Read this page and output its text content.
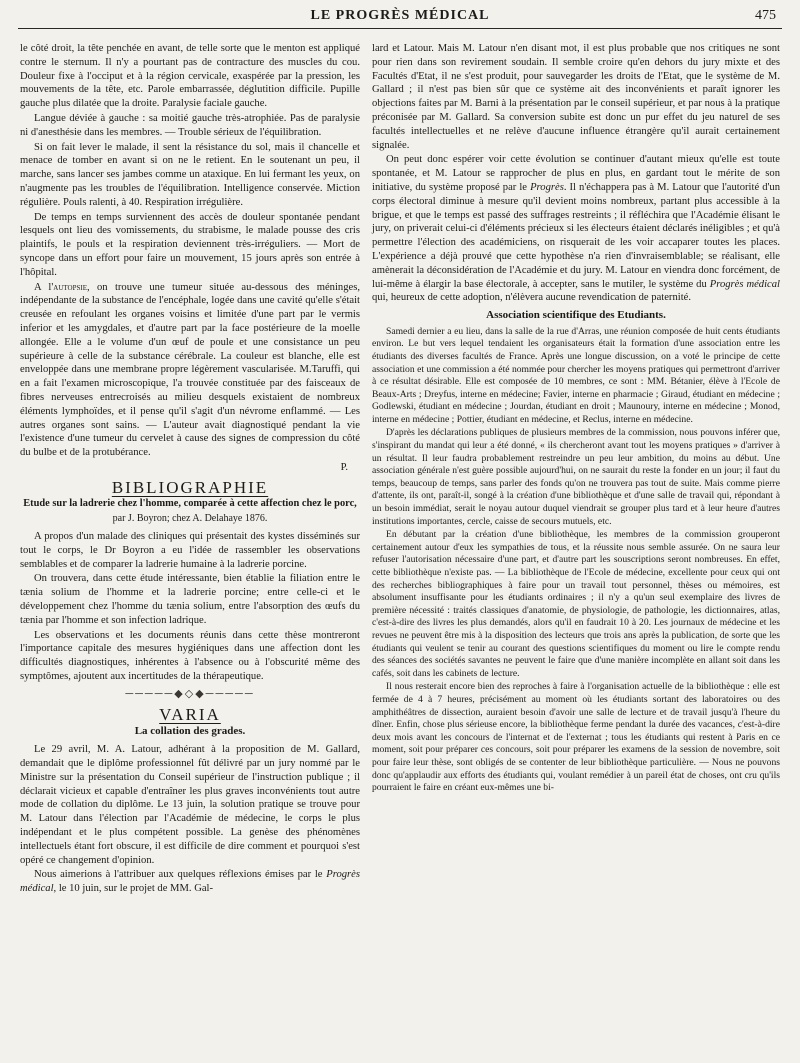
LE PROGRÈS MÉDICAL	475

le côté droit, la tête penchée en avant, de telle sorte que le menton est appliqué contre le sternum. Il n'y a pourtant pas de contracture des muscles du cou. Douleur fixe à l'occiput et à la région cervicale, exaspérée par la pression, les mouvements de la tête, etc. Parole embarrassée, déglutition difficile. Pupille gauche plus dilatée que la droite. Paralysie faciale gauche.

Langue déviée à gauche : sa moitié gauche très-atrophiée. Pas de paralysie ni d'anesthésie dans les membres. — Trouble sérieux de l'équilibration.

Si on fait lever le malade, il sent la résistance du sol, mais il chancelle et menace de tomber en avant si on ne le retient. En le soutenant un peu, il marche, sans lancer ses jambes comme un ataxique. En lui fermant les yeux, on n'augmente pas les troubles de l'équilibration. Intelligence conservée. Miction régulière. Pouls ralenti, à 40. Respiration irrégulière.

De temps en temps surviennent des accès de douleur spontanée pendant lesquels ont lieu des vomissements, du strabisme, le malade pousse des cris plaintifs, le pouls et la respiration deviennent très-irréguliers. — Mort de syncope dans un effort pour faire un mouvement, 15 jours après son entrée à l'hôpital.

A l'autopsie, on trouve une tumeur située au-dessous des méninges, indépendante de la substance de l'encéphale, logée dans une cavité qu'elle s'était creusée en refoulant les organes voisins et limitée d'une part par le vermis inferior et les amygdales, et d'autre part par la face postérieure de la moelle allongée. Elle a le volume d'un œuf de poule et une consistance un peu supérieure à celle de la substance cérébrale. La couleur est blanche, elle est enveloppée dans une membrane propre légèrement vascularisée. M.Taruffi, qui en a fait l'examen microscopique, l'a trouvée constituée par des faisceaux de fibres nerveuses entrecroisés au milieu desquels existaient de nombreux éléments lymphoïdes, et il pense qu'il s'agit d'un névrome enflammé. — Les autres organes sont sains. — L'auteur avait diagnostiqué pendant la vie l'existence d'une tumeur du cervelet à cause des signes de compression du côté du bulbe et de la protubérance.

P.

BIBLIOGRAPHIE
Etude sur la ladrerie chez l'homme, comparée à cette affection chez le porc,
par J. Boyron; chez A. Delahaye 1876.

A propos d'un malade des cliniques qui présentait des kystes disséminés sur tout le corps, le Dr Boyron a eu l'idée de rassembler les observations semblables et de comparer la ladrerie humaine à la ladrerie porcine.

On trouvera, dans cette étude intéressante, bien établie la filiation entre le tænia solium de l'homme et la ladrerie porcine; entre celle-ci et le développement chez l'homme du tænia solium, entre l'absorption des œufs du tænia par l'homme et son infection ladrique.

Les observations et les documents réunis dans cette thèse montreront l'importance capitale des mesures hygiéniques dans une affection dont les difficultés diagnostiques, inhérentes à l'absence ou à l'obscurité même des symptômes, ajoutent aux incertitudes de la thérapeutique.

─────◆◇◆─────
VARIA
La collation des grades.

Le 29 avril, M. A. Latour, adhérant à la proposition de M. Gallard, demandait que le diplôme professionnel fût délivré par un jury nommé par le Ministre sur la présentation du Conseil supérieur de l'instruction publique ; il déclarait vicieux et capable d'entraîner les plus graves inconvénients tout autre mode de collation du diplôme. Le 13 juin, la solution pratique se trouve pour M. Latour dans l'élection par l'Académie de médecine, le corps le plus indépendant et le plus compétent possible. La genèse des phénomènes intellectuels étant fort obscure, il est difficile de dire comment et pourquoi s'est opéré ce changement d'opinion.

Nous aimerions à l'attribuer aux quelques réflexions émises par le Progrès médical, le 10 juin, sur le projet de MM. Gal-

lard et Latour. Mais M. Latour n'en disant mot, il est plus probable que nos critiques ne sont pour rien dans son revirement soudain. Il semble croire qu'en dehors du jury mixte et des Facultés d'Etat, il ne s'est produit, pour sauvegarder les droits de l'Etat, que le système de M. Gallard ; il n'est pas bien sûr que ce système ait des inconvénients et paraît ignorer les objections faites par M. Barni à la présentation par le conseil supérieur, et par nous à la pratique préconisée par M. Gallard. Sa conversion subite est donc un pur effet du jeu naturel de ses facultés intellectuelles et ne relève d'aucune influence étrangère qu'il aurait certainement signalée.

On peut donc espérer voir cette évolution se continuer d'autant mieux qu'elle est toute spontanée, et M. Latour se rapprocher de plus en plus, en gardant tout le mérite de son initiative, du système proposé par le Progrès. Il n'échappera pas à M. Latour que l'autorité d'un corps électoral diminue à mesure qu'il devient moins nombreux, partant plus accessible à la brigue, et que le temps est passé des suffrages restreints ; il réfléchira que l'Académie élisant le jury, on priverait celui-ci d'éléments précieux si les électeurs étaient déclarés inéligibles ; et qu'à permettre l'élection des académiciens, on risquerait de les voir accaparer toutes les places. L'expérience a déjà prouvé que cette hypothèse n'a rien d'invraisemblable; se réalisant, elle amènerait la déconsidération de l'Académie et du jury. M. Latour en viendra donc forcément, de lui-même à élargir la base électorale, à accepter, sans le mutiler, le système du Progrès médical qui, heureux de cette adoption, n'élèvera aucune revendication de paternité.

Association scientifique des Etudiants.

Samedi dernier a eu lieu, dans la salle de la rue d'Arras, une réunion composée de huit cents étudiants environ. Le but vers lequel tendaient les organisateurs était la formation d'une association entre les étudiants des diverses facultés de France. Après une longue discussion, on a voté le principe de cette association et une commission a été nommée pour chercher les moyens pratiques qui permettront d'arriver à ce résultat désirable. Elle est composée de 10 membres, ce sont : MM. Bétanier, élève à l'Ecole de Beaux-Arts ; Dreyfus, interne en médecine; Favier, interne en pharmacie ; Giraud, étudiant en médecine ; Godlewski, étudiant en médecine ; Jourdan, étudiant en droit ; Maunoury, interne en médecine ; Monod, interne en médecine ; Pottier, étudiant en médecine, et Reclus, interne en médecine.

D'après les déclarations publiques de plusieurs membres de la commission, nous pouvons inférer que, s'inspirant du mandat qui leur a été donné, « ils chercheront avant tout les moyens pratiques » d'arriver à un résultat. Il leur faudra probablement restreindre un peu leur ambition, du moins au début. Une association générale n'est guère possible aujourd'hui, on ne saurait du reste la fonder en un jour; il faut du temps, beaucoup de temps, sans parler des fonds qu'on ne trouvera pas tout de suite. Mais comme pierre d'attente, ils ont, paraît-il, songé à la création d'une bibliothèque et d'une salle de travail qui, répondant à un besoin immédiat, serait le noyau autour duquel viendrait se grouper plus tard et à leur heure d'autres institutions importantes, cercle, caisse de secours mutuels, etc.

En débutant par la création d'une bibliothèque, les membres de la commission grouperont certainement autour d'eux les sympathies de tous, et la réussite nous semble assurée. On ne saura leur refuser l'autorisation nécessaire d'une part, et d'autre part les souscriptions seront nombreuses. En effet, cette bibliothèque n'existe pas. — La bibliothèque de l'Ecole de médecine, excellente pour ceux qui ont des recherches bibliographiques à faire pour un travail tout personnel, thèses ou mémoires, est absolument insuffisante pour les étudiants ordinaires ; il n'y a qu'un seul exemplaire des livres de première nécessité : traités classiques d'anatomie, de physiologie, de pathologie, les dictionnaires, atlas, c'est-à-dire des livres les plus demandés, alors qu'il en faudrait 10 à 20. Les journaux de médecine et les revues ne peuvent être mis à la disposition des lecteurs que trois ans après la publication, de sorte que les étudiants qui veulent se tenir au courant des questions scientifiques du moment ou lire le compte rendu des séances des sociétés savantes ne peuvent le faire que d'une manière incomplète en allant soit dans les cafés, soit dans les cabinets de lecture.

Il nous resterait encore bien des reproches à faire à l'organisation actuelle de la bibliothèque : elle est fermée de 4 à 7 heures, précisément au moment où les étudiants sortant des laboratoires ou des amphithéâtres de dissection, auraient besoin d'avoir une salle de lecture et de travail jusqu'à l'heure du dîner. Enfin, chose plus sérieuse encore, la bibliothèque ferme pendant la durée des vacances, c'est-à-dire deux mois avant les concours de l'internat et de l'externat ; tous les étudiants qui restent à Paris en ce moment, soit pour préparer ces concours, soit pour préparer les examens de la session de novembre, soit pour faire leur thèse, sont obligés de se contenter de leur bibliothèque particulière. — Nous ne pouvons donc qu'applaudir aux efforts des étudiants qui, voulant remédier à un pareil état de choses, ont cru qu'ils pourraient le faire en créant eux-mêmes une bi-
